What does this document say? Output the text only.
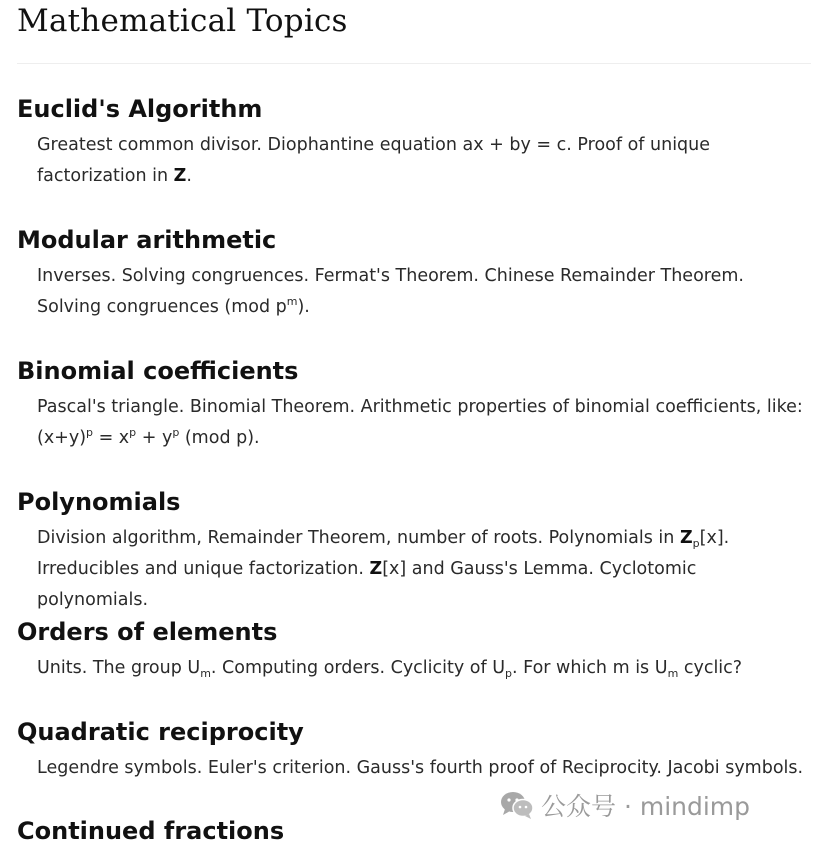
Mathematical Topics
Euclid's Algorithm

Greatest common divisor. Diophantine equation ax + by = c. Proof of unique factorization in Z.

Modular arithmetic

Inverses. Solving congruences. Fermat's Theorem. Chinese Remainder Theorem. Solving congruences (mod $p^m$).

Binomial coefficients

Pascal's triangle. Binomial Theorem. Arithmetic properties of binomial coefficients, like: $(x+y)^p = x^p + y^p$ (mod p).

Polynomials

Division algorithm, Remainder Theorem, number of roots. Polynomials in $Z_p[x]$. Irreducibles and unique factorization. Z[x] and Gauss's Lemma. Cyclotomic polynomials.

Orders of elements

Units. The group $U_m$. Computing orders. Cyclicity of $U_p$. For which m is $U_m$ cyclic?

Quadratic reciprocity

Legendre symbols. Euler's criterion. Gauss's fourth proof of Reciprocity. Jacobi symbols.

Continued fractions
公众号 · mindimp
